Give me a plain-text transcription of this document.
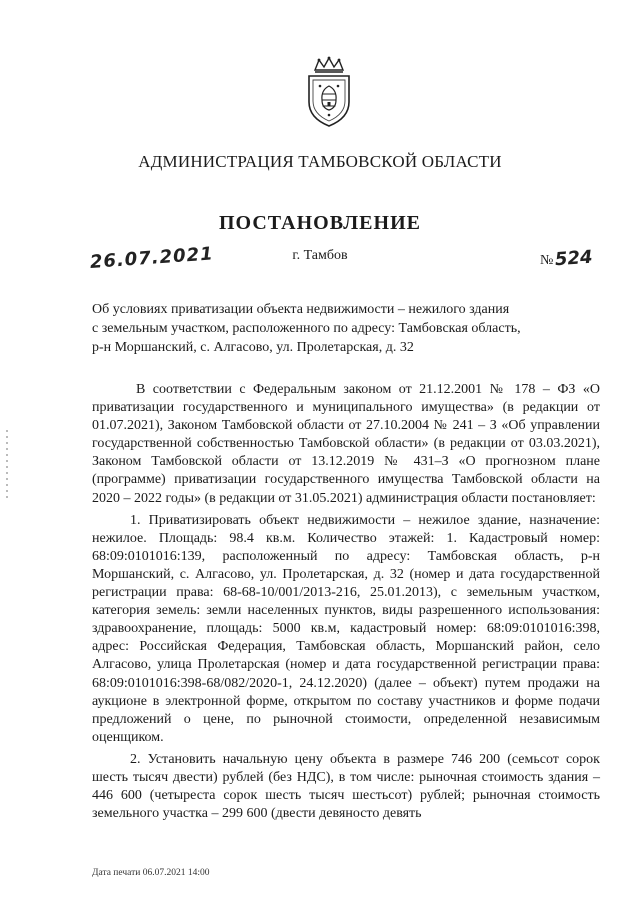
АДМИНИСТРАЦИЯ ТАМБОВСКОЙ ОБЛАСТИ
ПОСТАНОВЛЕНИЕ
26.07.2021	г. Тамбов	№524
Об условиях приватизации объекта недвижимости – нежилого здания
с земельным участком, расположенного по адресу: Тамбовская область,
р-н Моршанский, с. Алгасово, ул. Пролетарская, д. 32

В соответствии с Федеральным законом от 21.12.2001 № 178 – ФЗ «О приватизации государственного и муниципального имущества» (в редакции от 01.07.2021), Законом Тамбовской области от 27.10.2004 № 241 – З «Об управлении государственной собственностью Тамбовской области» (в редакции от 03.03.2021), Законом Тамбовской области от 13.12.2019 № 431–З «О прогнозном плане (программе) приватизации государственного имущества Тамбовской области на 2020 – 2022 годы» (в редакции от 31.05.2021) администрация области постановляет:

1. Приватизировать объект недвижимости – нежилое здание, назначение: нежилое. Площадь: 98.4 кв.м. Количество этажей: 1. Кадастровый номер: 68:09:0101016:139, расположенный по адресу: Тамбовская область, р-н Моршанский, с. Алгасово, ул. Пролетарская, д. 32 (номер и дата государственной регистрации права: 68-68-10/001/2013-216, 25.01.2013), с земельным участком, категория земель: земли населенных пунктов, виды разрешенного использования: здравоохранение, площадь: 5000 кв.м, кадастровый номер: 68:09:0101016:398, адрес: Российская Федерация, Тамбовская область, Моршанский район, село Алгасово, улица Пролетарская (номер и дата государственной регистрации права: 68:09:0101016:398-68/082/2020-1, 24.12.2020) (далее – объект) путем продажи на аукционе в электронной форме, открытом по составу участников и форме подачи предложений о цене, по рыночной стоимости, определенной независимым оценщиком.

2. Установить начальную цену объекта в размере 746 200 (семьсот сорок шесть тысяч двести) рублей (без НДС), в том числе: рыночная стоимость здания – 446 600 (четыреста сорок шесть тысяч шестьсот) рублей; рыночная стоимость земельного участка – 299 600 (двести девяносто девять

Дата печати 06.07.2021 14:00
